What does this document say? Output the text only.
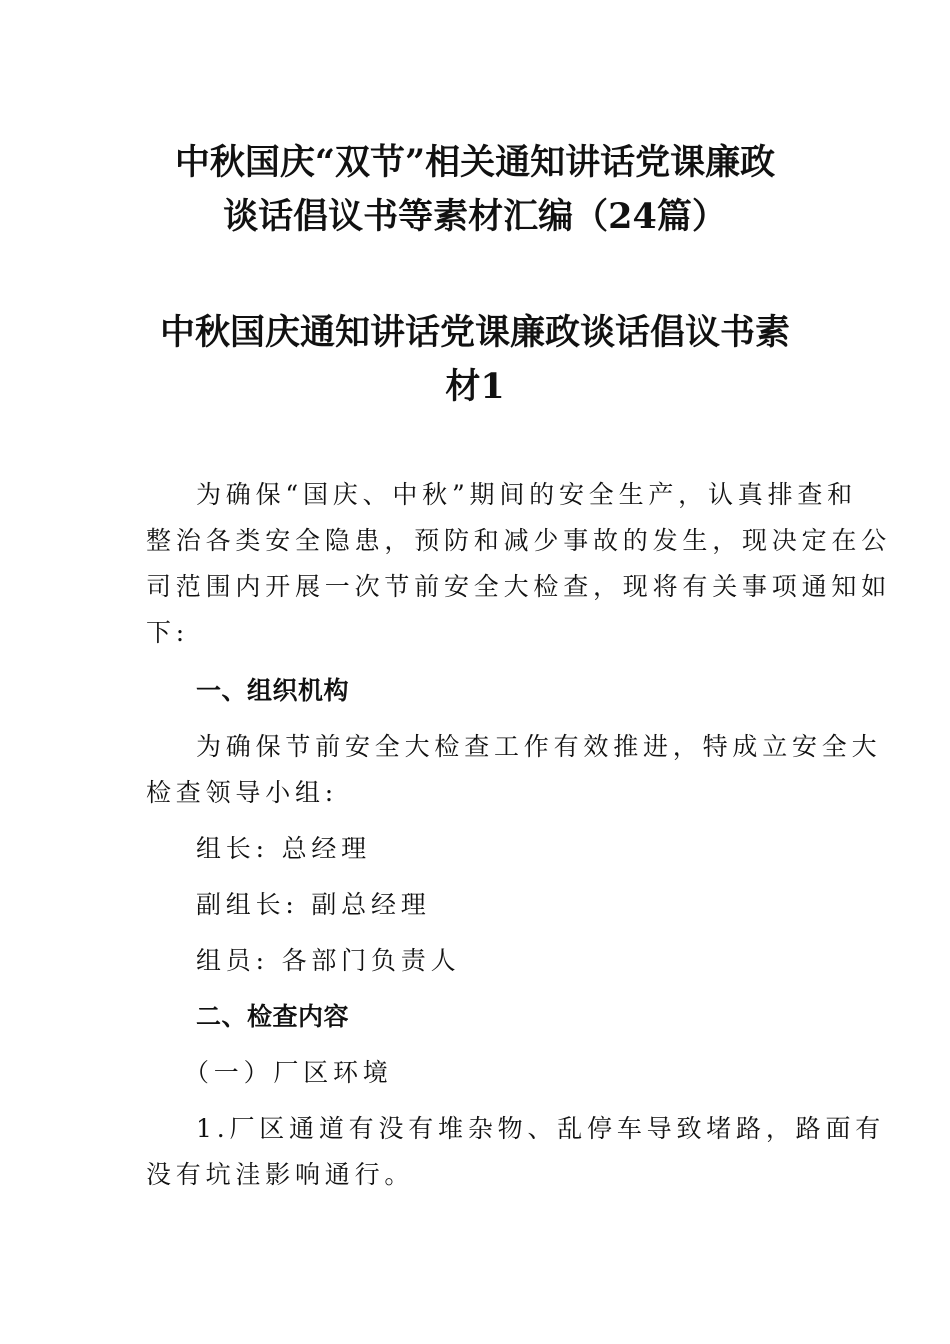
中秋国庆“双节”相关通知讲话党课廉政
谈话倡议书等素材汇编（24篇）
中秋国庆通知讲话党课廉政谈话倡议书素
材1

为确保“国庆、中秋”期间的安全生产，认真排查和

整治各类安全隐患，预防和减少事故的发生，现决定在公

司范围内开展一次节前安全大检查，现将有关事项通知如

下:

一、组织机构

为确保节前安全大检查工作有效推进，特成立安全大

检查领导小组:

组长: 总经理

副组长: 副总经理

组员: 各部门负责人

二、检查内容

（一）厂区环境

1.厂区通道有没有堆杂物、乱停车导致堵路，路面有

没有坑洼影响通行。
